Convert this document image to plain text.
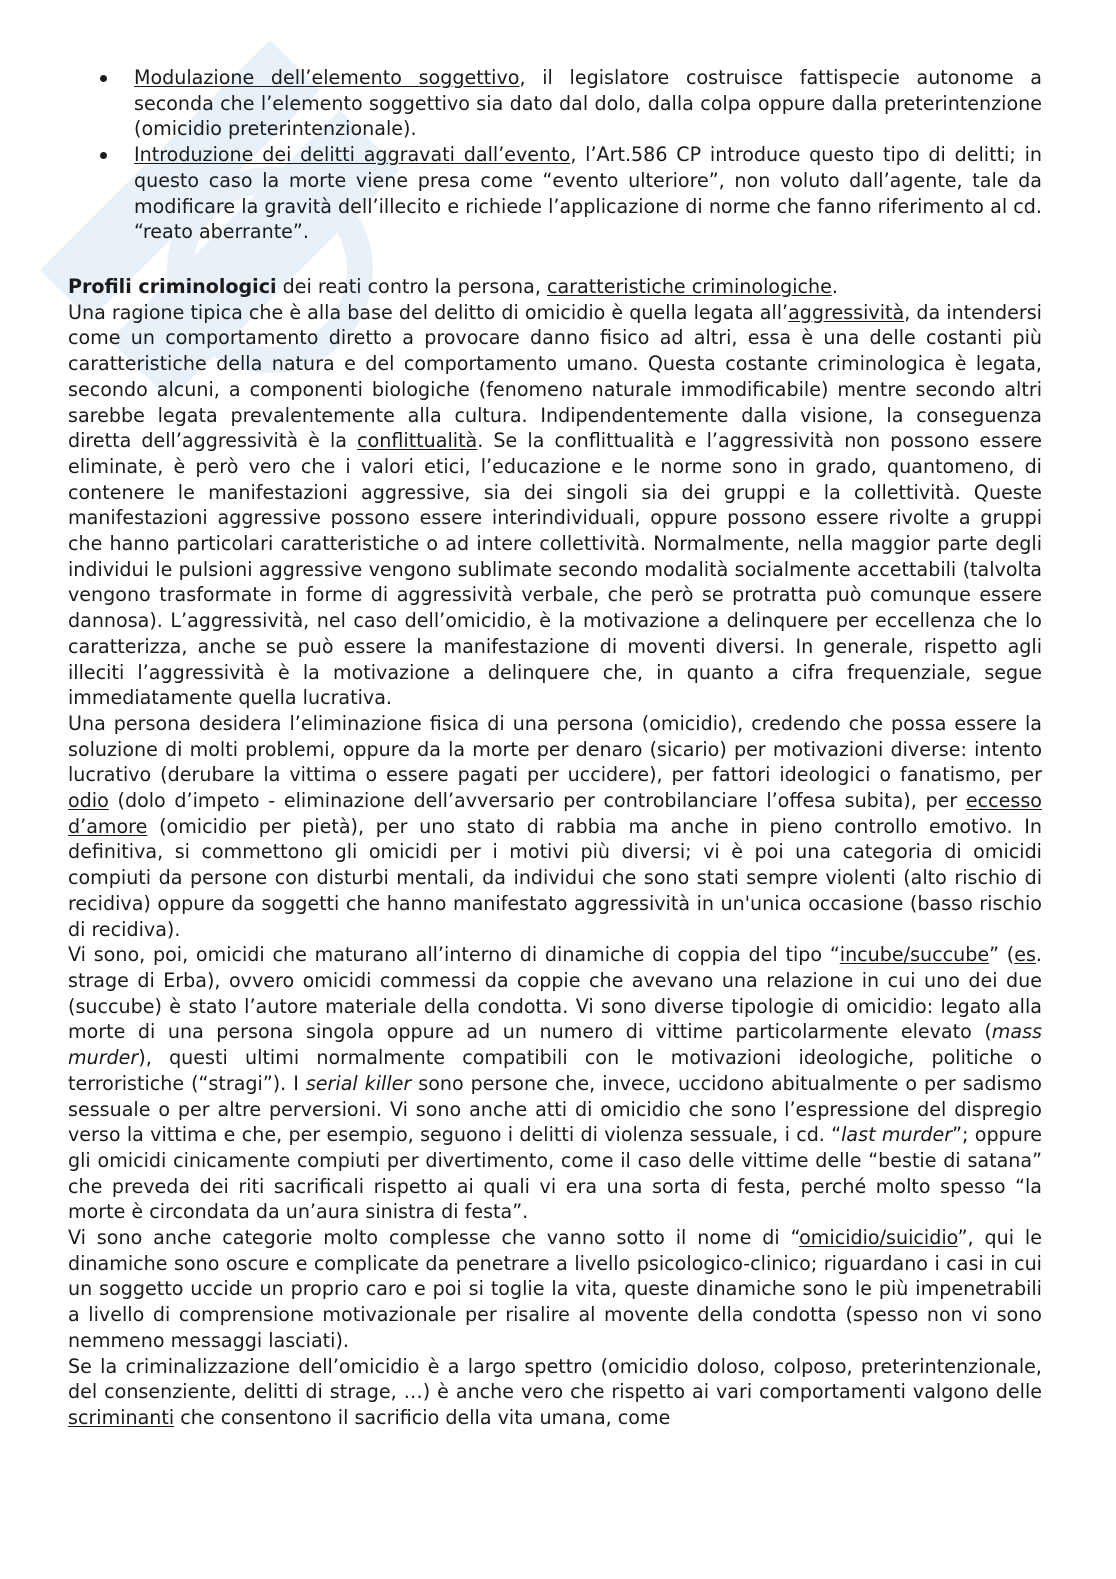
Modulazione dell’elemento soggettivo, il legislatore costruisce fattispecie autonome a seconda che l’elemento soggettivo sia dato dal dolo, dalla colpa oppure dalla preterintenzione (omicidio preterintenzionale).
Introduzione dei delitti aggravati dall’evento, l’Art.586 CP introduce questo tipo di delitti; in questo caso la morte viene presa come “evento ulteriore”, non voluto dall’agente, tale da modificare la gravità dell’illecito e richiede l’applicazione di norme che fanno riferimento al cd. “reato aberrante”.

Profili criminologici dei reati contro la persona, caratteristiche criminologiche.

Una ragione tipica che è alla base del delitto di omicidio è quella legata all’aggressività, da intendersi come un comportamento diretto a provocare danno fisico ad altri, essa è una delle costanti più caratteristiche della natura e del comportamento umano. Questa costante criminologica è legata, secondo alcuni, a componenti biologiche (fenomeno naturale immodificabile) mentre secondo altri sarebbe legata prevalentemente alla cultura. Indipendentemente dalla visione, la conseguenza diretta dell’aggressività è la conflittualità. Se la conflittualità e l’aggressività non possono essere eliminate, è però vero che i valori etici, l’educazione e le norme sono in grado, quantomeno, di contenere le manifestazioni aggressive, sia dei singoli sia dei gruppi e la collettività. Queste manifestazioni aggressive possono essere interindividuali, oppure possono essere rivolte a gruppi che hanno particolari caratteristiche o ad intere collettività. Normalmente, nella maggior parte degli individui le pulsioni aggressive vengono sublimate secondo modalità socialmente accettabili (talvolta vengono trasformate in forme di aggressività verbale, che però se protratta può comunque essere dannosa). L’aggressività, nel caso dell’omicidio, è la motivazione a delinquere per eccellenza che lo caratterizza, anche se può essere la manifestazione di moventi diversi. In generale, rispetto agli illeciti l’aggressività è la motivazione a delinquere che, in quanto a cifra frequenziale, segue immediatamente quella lucrativa.

Una persona desidera l’eliminazione fisica di una persona (omicidio), credendo che possa essere la soluzione di molti problemi, oppure da la morte per denaro (sicario) per motivazioni diverse: intento lucrativo (derubare la vittima o essere pagati per uccidere), per fattori ideologici o fanatismo, per odio (dolo d’impeto - eliminazione dell’avversario per controbilanciare l’offesa subita), per eccesso d’amore (omicidio per pietà), per uno stato di rabbia ma anche in pieno controllo emotivo. In definitiva, si commettono gli omicidi per i motivi più diversi; vi è poi una categoria di omicidi compiuti da persone con disturbi mentali, da individui che sono stati sempre violenti (alto rischio di recidiva) oppure da soggetti che hanno manifestato aggressività in un'unica occasione (basso rischio di recidiva).

Vi sono, poi, omicidi che maturano all’interno di dinamiche di coppia del tipo “incube/succube” (es. strage di Erba), ovvero omicidi commessi da coppie che avevano una relazione in cui uno dei due (succube) è stato l’autore materiale della condotta. Vi sono diverse tipologie di omicidio: legato alla morte di una persona singola oppure ad un numero di vittime particolarmente elevato (mass murder), questi ultimi normalmente compatibili con le motivazioni ideologiche, politiche o terroristiche (“stragi”). I serial killer sono persone che, invece, uccidono abitualmente o per sadismo sessuale o per altre perversioni. Vi sono anche atti di omicidio che sono l’espressione del dispregio verso la vittima e che, per esempio, seguono i delitti di violenza sessuale, i cd. “last murder”; oppure gli omicidi cinicamente compiuti per divertimento, come il caso delle vittime delle “bestie di satana” che preveda dei riti sacrificali rispetto ai quali vi era una sorta di festa, perché molto spesso “la morte è circondata da un’aura sinistra di festa”.

Vi sono anche categorie molto complesse che vanno sotto il nome di “omicidio/suicidio”, qui le dinamiche sono oscure e complicate da penetrare a livello psicologico-clinico; riguardano i casi in cui un soggetto uccide un proprio caro e poi si toglie la vita, queste dinamiche sono le più impenetrabili a livello di comprensione motivazionale per risalire al movente della condotta (spesso non vi sono nemmeno messaggi lasciati).

Se la criminalizzazione dell’omicidio è a largo spettro (omicidio doloso, colposo, preterintenzionale, del consenziente, delitti di strage, …) è anche vero che rispetto ai vari comportamenti valgono delle scriminanti che consentono il sacrificio della vita umana, come
